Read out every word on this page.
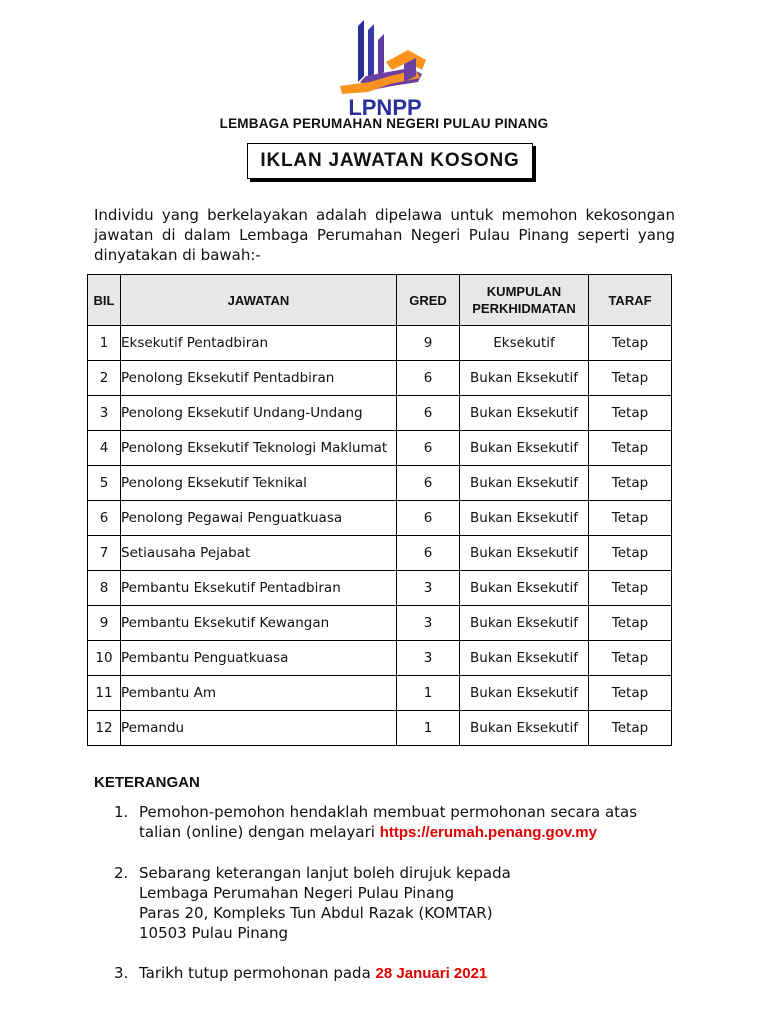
LPNPP
LEMBAGA PERUMAHAN NEGERI PULAU PINANG
IKLAN JAWATAN KOSONG
Individu yang berkelayakan adalah dipelawa untuk memohon kekosongan jawatan di dalam Lembaga Perumahan Negeri Pulau Pinang seperti yang dinyatakan di bawah:-
BIL	JAWATAN	GRED	KUMPULAN PERKHIDMATAN	TARAF
1	Eksekutif Pentadbiran	9	Eksekutif	Tetap
2	Penolong Eksekutif Pentadbiran	6	Bukan Eksekutif	Tetap
3	Penolong Eksekutif Undang-Undang	6	Bukan Eksekutif	Tetap
4	Penolong Eksekutif Teknologi Maklumat	6	Bukan Eksekutif	Tetap
5	Penolong Eksekutif Teknikal	6	Bukan Eksekutif	Tetap
6	Penolong Pegawai Penguatkuasa	6	Bukan Eksekutif	Tetap
7	Setiausaha Pejabat	6	Bukan Eksekutif	Tetap
8	Pembantu Eksekutif Pentadbiran	3	Bukan Eksekutif	Tetap
9	Pembantu Eksekutif Kewangan	3	Bukan Eksekutif	Tetap
10	Pembantu Penguatkuasa	3	Bukan Eksekutif	Tetap
11	Pembantu Am	1	Bukan Eksekutif	Tetap
12	Pemandu	1	Bukan Eksekutif	Tetap
KETERANGAN
1. Pemohon-pemohon hendaklah membuat permohonan secara atas
talian (online) dengan melayari https://erumah.penang.gov.my
2. Sebarang keterangan lanjut boleh dirujuk kepada
Lembaga Perumahan Negeri Pulau Pinang
Paras 20, Kompleks Tun Abdul Razak (KOMTAR)
10503 Pulau Pinang
3. Tarikh tutup permohonan pada 28 Januari 2021
